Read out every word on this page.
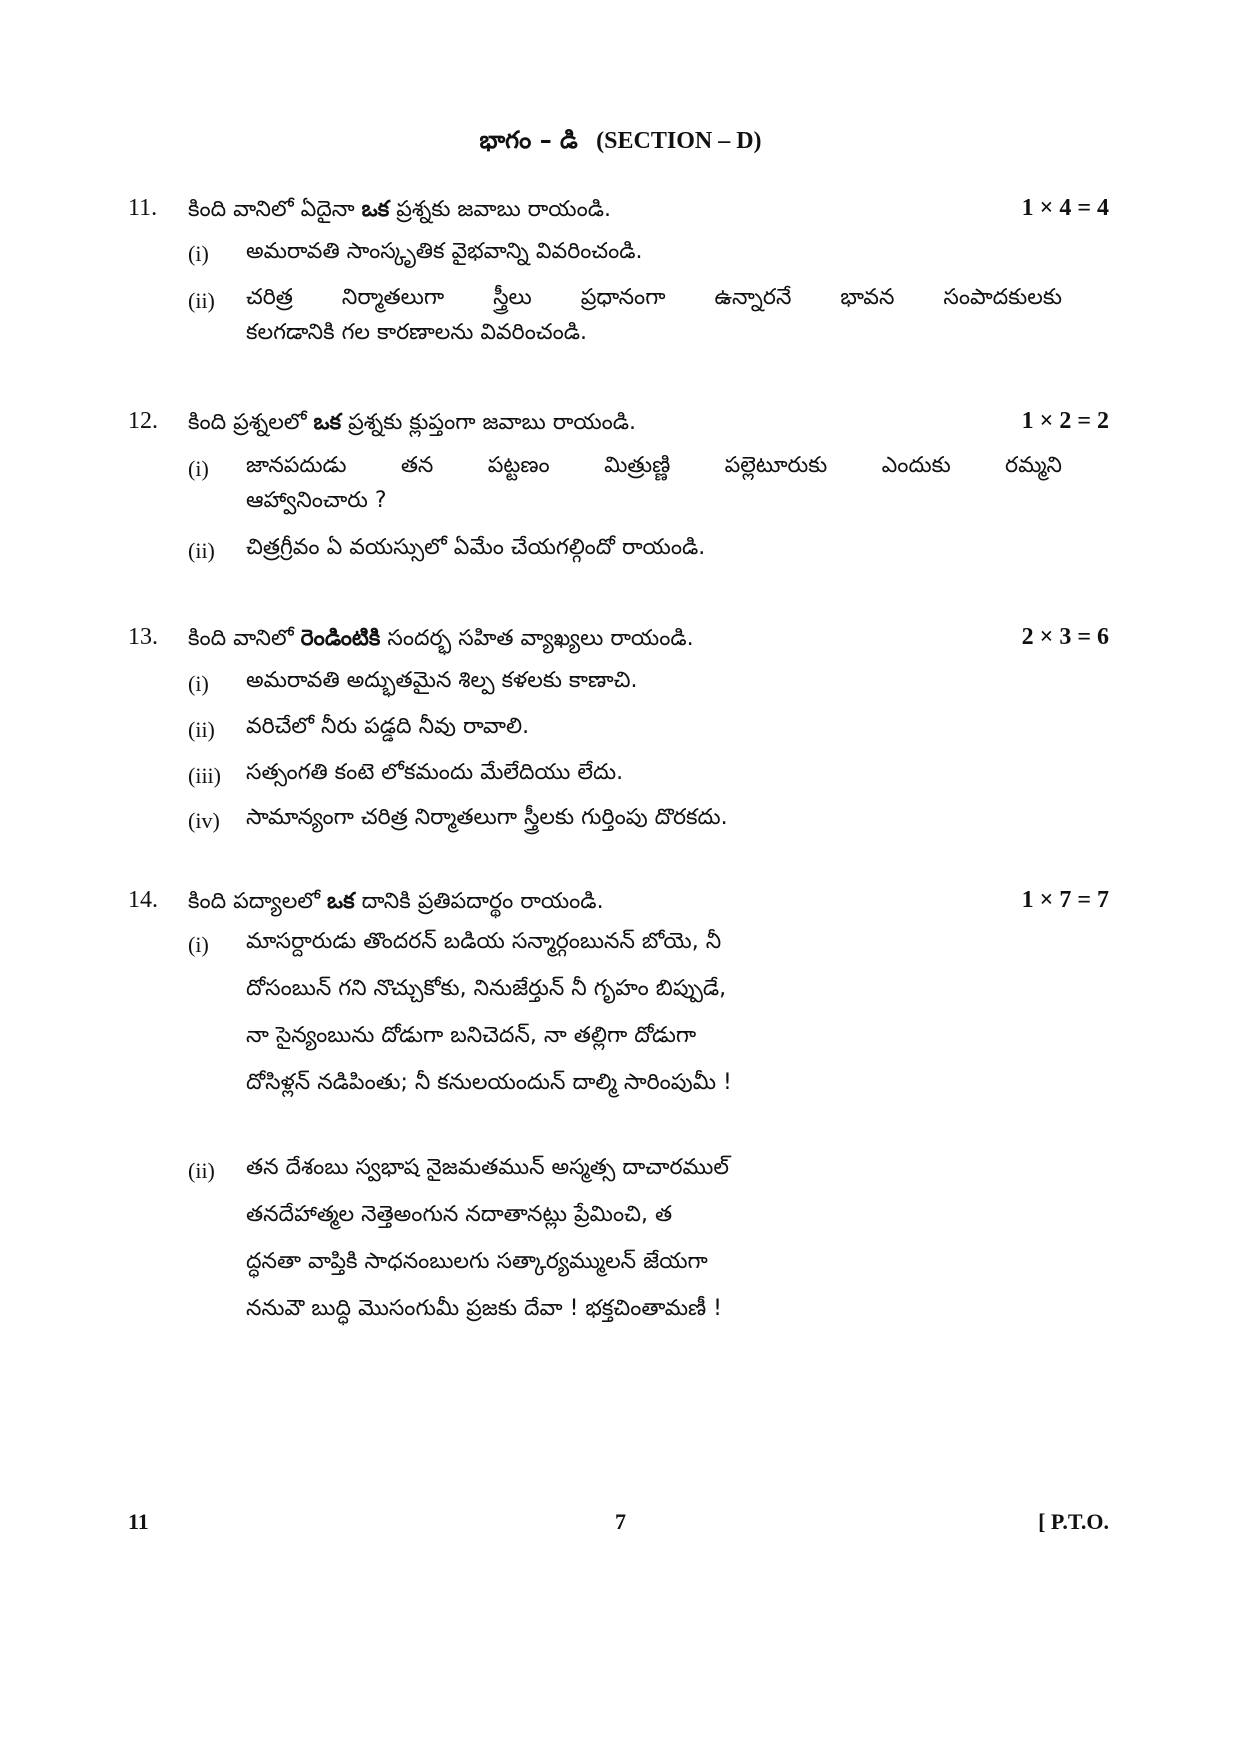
భాగం – డి (SECTION – D)
11. కింది వానిలో ఏదైనా ఒక ప్రశ్నకు జవాబు రాయండి.	1 × 4 = 4
(i) అమరావతి సాంస్కృతిక వైభవాన్ని వివరించండి.
(ii) చరిత్ర నిర్మాతలుగా స్త్రీలు ప్రధానంగా ఉన్నారనే భావన సంపాదకులకు
కలగడానికి గల కారణాలను వివరించండి.
12. కింది ప్రశ్నలలో ఒక ప్రశ్నకు క్లుప్తంగా జవాబు రాయండి.	1 × 2 = 2
(i) జానపదుడు తన పట్టణం మిత్రుణ్ణి పల్లెటూరుకు ఎందుకు రమ్మని
ఆహ్వానించారు ?
(ii) చిత్రగ్రీవం ఏ వయస్సులో ఏమేం చేయగల్గిందో రాయండి.
13. కింది వానిలో రెండింటికి సందర్భ సహిత వ్యాఖ్యలు రాయండి.	2 × 3 = 6
(i) అమరావతి అద్భుతమైన శిల్ప కళలకు కాణాచి.
(ii) వరిచేలో నీరు పడ్డది నీవు రావాలి.
(iii) సత్సంగతి కంటె లోకమందు మేలేదియు లేదు.
(iv) సామాన్యంగా చరిత్ర నిర్మాతలుగా స్త్రీలకు గుర్తింపు దొరకదు.
14. కింది పద్యాలలో ఒక దానికి ప్రతిపదార్థం రాయండి.	1 × 7 = 7
(i) మాసర్దారుడు తొందరన్ బడియ సన్మార్గంబునన్ బోయె, నీ
దోసంబున్ గని నొచ్చుకోకు, నినుజేర్తున్ నీ గృహం బిప్పుడే,
నా సైన్యంబును దోడుగా బనిచెదన్, నా తల్లిగా దోడుగా
దోసిళ్లన్ నడిపింతు; నీ కనులయందున్ దాల్మి సారింపుమీ !
(ii) తన దేశంబు స్వభాష నైజమతమున్ అస్మత్స దాచారముల్
తనదేహాత్మల నెత్తెఅంగున నదాతానట్లు ప్రేమించి, త
ద్ధనతా వాప్తికి సాధనంబులగు సత్కార్యమ్ములన్ జేయగా
ననువౌ బుద్ధి మొసంగుమీ ప్రజకు దేవా ! భక్తచింతామణీ !
11	7	[ P.T.O.
